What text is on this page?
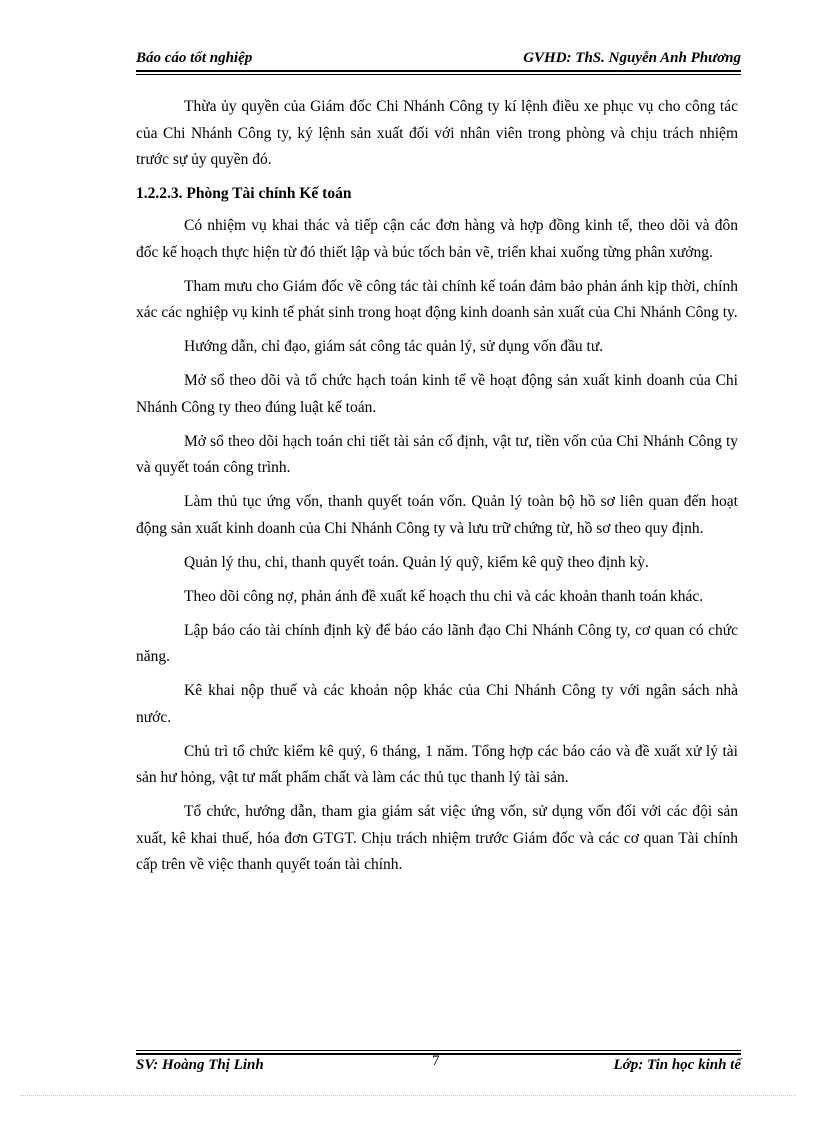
Báo cáo tốt nghiệp	GVHD: ThS. Nguyễn Anh Phương

Thừa ủy quyền của Giám đốc Chi Nhánh Công ty kí lệnh điều xe phục vụ cho công tác của Chi Nhánh Công ty, ký lệnh sản xuất đối với nhân viên trong phòng và chịu trách nhiệm trước sự ủy quyền đó.

1.2.2.3. Phòng Tài chính Kế toán

Có nhiệm vụ khai thác và tiếp cận các đơn hàng và hợp đồng kinh tế, theo dõi và đôn đốc kế hoạch thực hiện từ đó thiết lập và búc tốch bản vẽ, triển khai xuống từng phân xưởng.

Tham mưu cho Giám đốc về công tác tài chính kế toán đảm bảo phản ánh kịp thời, chính xác các nghiệp vụ kinh tế phát sinh trong hoạt động kinh doanh sản xuất của Chi Nhánh Công ty.

Hướng dẫn, chỉ đạo, giám sát công tác quản lý, sử dụng vốn đầu tư.

Mở sổ theo dõi và tổ chức hạch toán kinh tế về hoạt động sản xuất kinh doanh của Chi Nhánh Công ty theo đúng luật kế toán.

Mở sổ theo dõi hạch toán chi tiết tài sản cố định, vật tư, tiền vốn của Chi Nhánh Công ty và quyết toán công trình.

Làm thủ tục ứng vốn, thanh quyết toán vốn. Quản lý toàn bộ hồ sơ liên quan đến hoạt động sản xuất kinh doanh của Chi Nhánh Công ty và lưu trữ chứng từ, hồ sơ theo quy định.

Quản lý thu, chi, thanh quyết toán. Quản lý quỹ, kiểm kê quỹ theo định kỳ.

Theo dõi công nợ, phản ánh đề xuất kế hoạch thu chi và các khoản thanh toán khác.

Lập báo cáo tài chính định kỳ để báo cáo lãnh đạo Chi Nhánh Công ty, cơ quan có chức năng.

Kê khai nộp thuế và các khoản nộp khác của Chi Nhánh Công ty với ngân sách nhà nước.

Chủ trì tổ chức kiểm kê quý, 6 tháng, 1 năm. Tổng hợp các báo cáo và đề xuất xử lý tài sản hư hỏng, vật tư mất phẩm chất và làm các thủ tục thanh lý tài sản.

Tổ chức, hướng dẫn, tham gia giám sát việc ứng vốn, sử dụng vốn đối với các đội sản xuất, kê khai thuế, hóa đơn GTGT. Chịu trách nhiệm trước Giám đốc và các cơ quan Tài chính cấp trên về việc thanh quyết toán tài chính.

SV: Hoàng Thị Linh	7	Lớp: Tin học kinh tế
